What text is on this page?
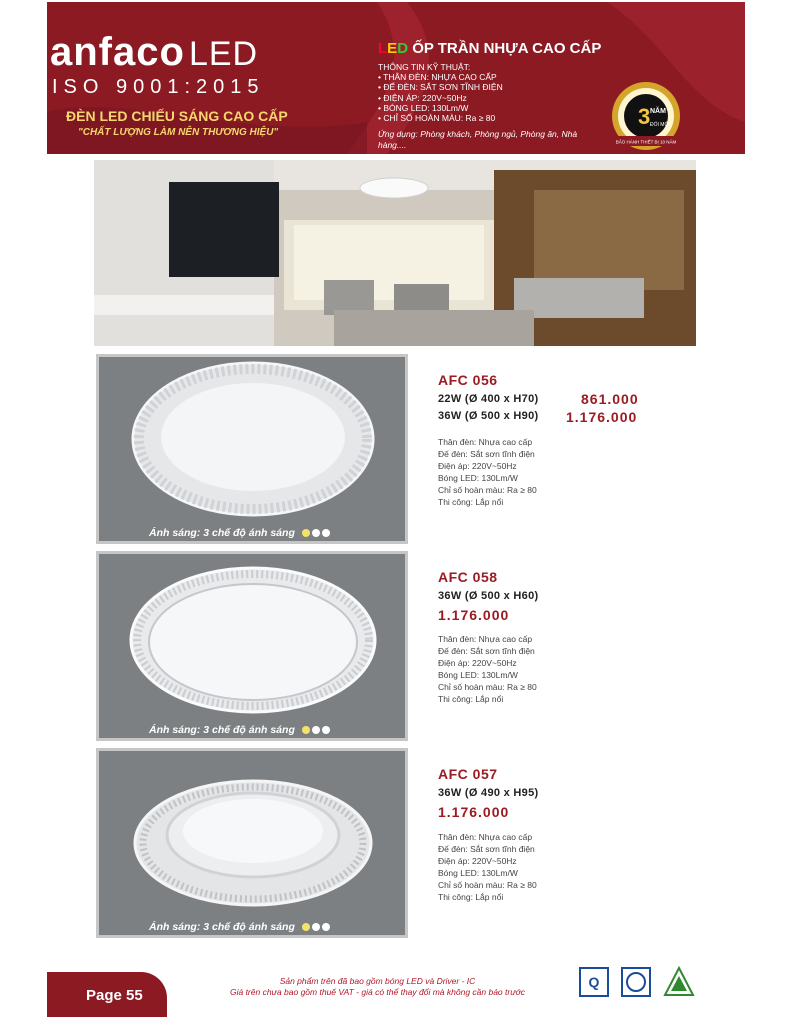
anfaco LED
ISO 9001:2015
ĐÈN LED CHIẾU SÁNG CAO CẤP
"CHẤT LƯỢNG LÀM NÊN THƯƠNG HIỆU"
LED ỐP TRẦN NHỰA CAO CẤP
THÔNG TIN KỸ THUẬT:
• THÂN ĐÈN: NHỰA CAO CẤP
• ĐẾ ĐÈN: SẮT SƠN TĨNH ĐIỆN
• ĐIỆN ÁP: 220V~50Hz
• BÓNG LED: 130Lm/W
• CHỈ SỐ HOÀN MÀU: Ra ≥ 80
Ứng dụng: Phòng khách, Phòng ngủ, Phòng ăn, Nhà hàng....
3 NĂM
ĐỔI MỚI
BẢO HÀNH THIẾT BỊ 10 NĂM
Ánh sáng: 3 chế độ ánh sáng
AFC 056
22W (Ø 400 x H70)	861.000
36W (Ø 500 x H90) 1.176.000
Thân đèn: Nhựa cao cấp
Đế đèn: Sắt sơn tĩnh điện
Điện áp: 220V~50Hz
Bóng LED: 130Lm/W
Chỉ số hoàn màu: Ra ≥ 80
Thi công: Lắp nổi
Ánh sáng: 3 chế độ ánh sáng
AFC 058
36W (Ø 500 x H60)
1.176.000
Thân đèn: Nhựa cao cấp
Đế đèn: Sắt sơn tĩnh điện
Điện áp: 220V~50Hz
Bóng LED: 130Lm/W
Chỉ số hoàn màu: Ra ≥ 80
Thi công: Lắp nổi
Ánh sáng: 3 chế độ ánh sáng
AFC 057
36W (Ø 490 x H95)
1.176.000
Thân đèn: Nhựa cao cấp
Đế đèn: Sắt sơn tĩnh điện
Điện áp: 220V~50Hz
Bóng LED: 130Lm/W
Chỉ số hoàn màu: Ra ≥ 80
Thi công: Lắp nổi
Page 55
Sản phẩm trên đã bao gồm bóng LED và Driver - IC
Giá trên chưa bao gồm thuế VAT - giá có thể thay đổi mà không cần báo trước
Q
